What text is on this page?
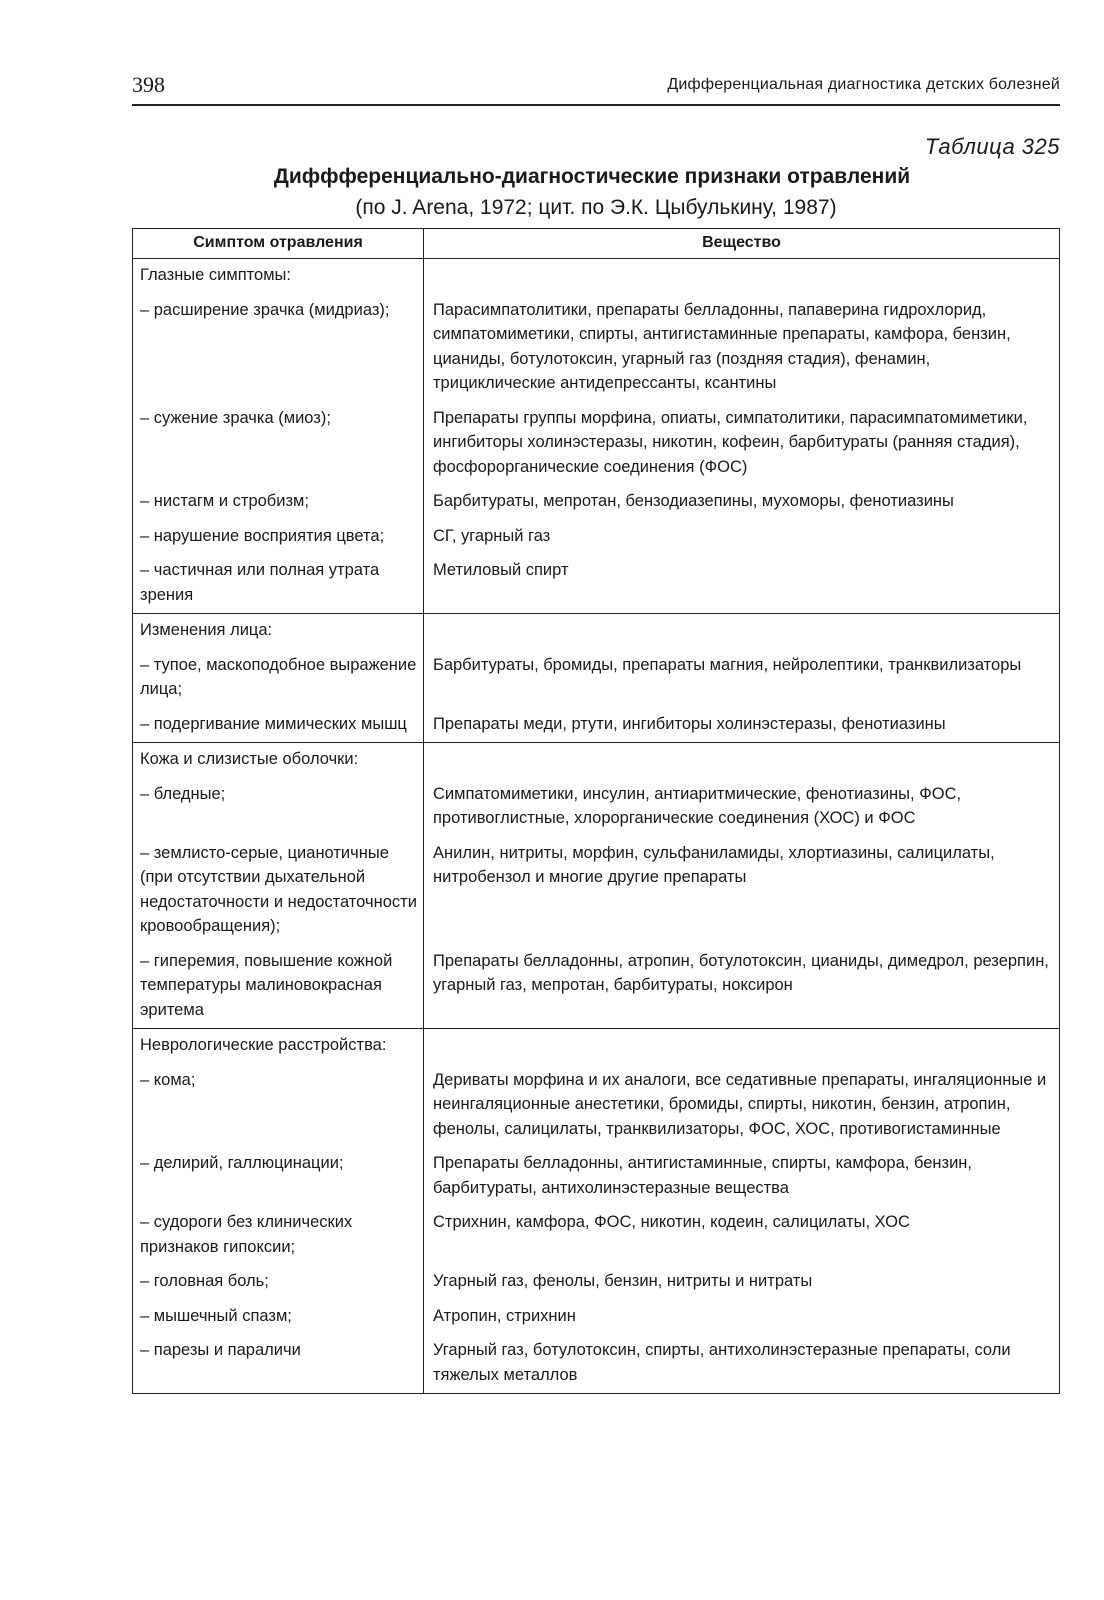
398	Дифференциальная диагностика детских болезней
Таблица 325
Дифффеpенциально-диагностические признаки отравлений
(по J. Arena, 1972; цит. по Э.К. Цыбулькину, 1987)
Симптом отравления	Вещество
Глазные симптомы:	
– расширение зрачка (мидриаз);	Парасимпатолитики, препараты белладонны, папаверина гидрохлорид, симпатомиметики, спирты, антигистаминные препараты, камфора, бензин, цианиды, ботулотоксин, угарный газ (поздняя стадия), фенамин, трициклические антидепрессанты, ксантины
– сужение зрачка (миоз);	Препараты группы морфина, опиаты, симпатолитики, парасимпатомиметики, ингибиторы холинэстеразы, никотин, кофеин, барбитураты (ранняя стадия), фосфорорганические соединения (ФОС)
– нистагм и стробизм;	Барбитураты, мепротан, бензодиазепины, мухоморы, фенотиазины
– нарушение восприятия цвета;	СГ, угарный газ
– частичная или полная утрата зрения	Метиловый спирт
Изменения лица:	
– тупое, маскоподобное выражение лица;	Барбитураты, бромиды, препараты магния, нейролептики, транквилизаторы
– подергивание мимических мышц	Препараты меди, ртути, ингибиторы холинэстеразы, фенотиазины
Кожа и слизистые оболочки:	
– бледные;	Симпатомиметики, инсулин, антиаритмические, фенотиазины, ФОС, противоглистные, хлорорганические соединения (ХОС) и ФОС
– землисто-серые, цианотичные (при отсутствии дыхательной недостаточности и недостаточности кровообращения);	Анилин, нитриты, морфин, сульфаниламиды, хлортиазины, салицилаты, нитробензол и многие другие препараты
– гиперемия, повышение кожной температуры малиновокрасная эритема	Препараты белладонны, атропин, ботулотоксин, цианиды, димедрол, резерпин, угарный газ, мепротан, барбитураты, ноксирон
Неврологические расстройства:	
– кома;	Дериваты морфина и их аналоги, все седативные препараты, ингаляционные и неингаляционные анестетики, бромиды, спирты, никотин, бензин, атропин, фенолы, салицилаты, транквилизаторы, ФОС, ХОС, противогистаминные
– делирий, галлюцинации;	Препараты белладонны, антигистаминные, спирты, камфора, бензин, барбитураты, антихолинэстеразные вещества
– судороги без клинических признаков гипоксии;	Стрихнин, камфора, ФОС, никотин, кодеин, салицилаты, ХОС
– головная боль;	Угарный газ, фенолы, бензин, нитриты и нитраты
– мышечный спазм;	Атропин, стрихнин
– парезы и параличи	Угарный газ, ботулотоксин, спирты, антихолинэстеразные препараты, соли тяжелых металлов
